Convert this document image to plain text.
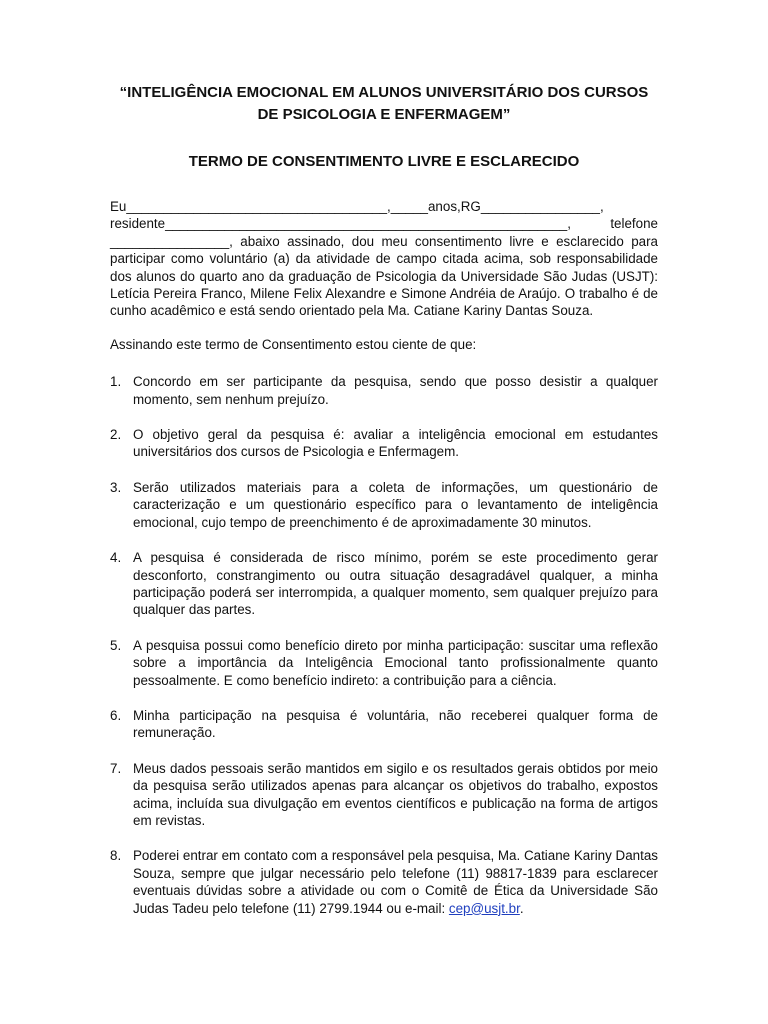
“INTELIGÊNCIA EMOCIONAL EM ALUNOS UNIVERSITÁRIO DOS CURSOS DE PSICOLOGIA E ENFERMAGEM”
TERMO DE CONSENTIMENTO LIVRE E ESCLARECIDO

Eu___________________________________,_____anos,RG________________, residente______________________________________________________, telefone ________________, abaixo assinado, dou meu consentimento livre e esclarecido para participar como voluntário (a) da atividade de campo citada acima, sob responsabilidade dos alunos do quarto ano da graduação de Psicologia da Universidade São Judas (USJT): Letícia Pereira Franco, Milene Felix Alexandre e Simone Andréia de Araújo. O trabalho é de cunho acadêmico e está sendo orientado pela Ma. Catiane Kariny Dantas Souza.

Assinando este termo de Consentimento estou ciente de que:

1. Concordo em ser participante da pesquisa, sendo que posso desistir a qualquer momento, sem nenhum prejuízo.
2. O objetivo geral da pesquisa é: avaliar a inteligência emocional em estudantes universitários dos cursos de Psicologia e Enfermagem.
3. Serão utilizados materiais para a coleta de informações, um questionário de caracterização e um questionário específico para o levantamento de inteligência emocional, cujo tempo de preenchimento é de aproximadamente 30 minutos.
4. A pesquisa é considerada de risco mínimo, porém se este procedimento gerar desconforto, constrangimento ou outra situação desagradável qualquer, a minha participação poderá ser interrompida, a qualquer momento, sem qualquer prejuízo para qualquer das partes.
5. A pesquisa possui como benefício direto por minha participação: suscitar uma reflexão sobre a importância da Inteligência Emocional tanto profissionalmente quanto pessoalmente. E como benefício indireto: a contribuição para a ciência.
6. Minha participação na pesquisa é voluntária, não receberei qualquer forma de remuneração.
7. Meus dados pessoais serão mantidos em sigilo e os resultados gerais obtidos por meio da pesquisa serão utilizados apenas para alcançar os objetivos do trabalho, expostos acima, incluída sua divulgação em eventos científicos e publicação na forma de artigos em revistas.
8. Poderei entrar em contato com a responsável pela pesquisa, Ma. Catiane Kariny Dantas Souza, sempre que julgar necessário pelo telefone (11) 98817-1839 para esclarecer eventuais dúvidas sobre a atividade ou com o Comitê de Ética da Universidade São Judas Tadeu pelo telefone (11) 2799.1944 ou e-mail: cep@usjt.br.
